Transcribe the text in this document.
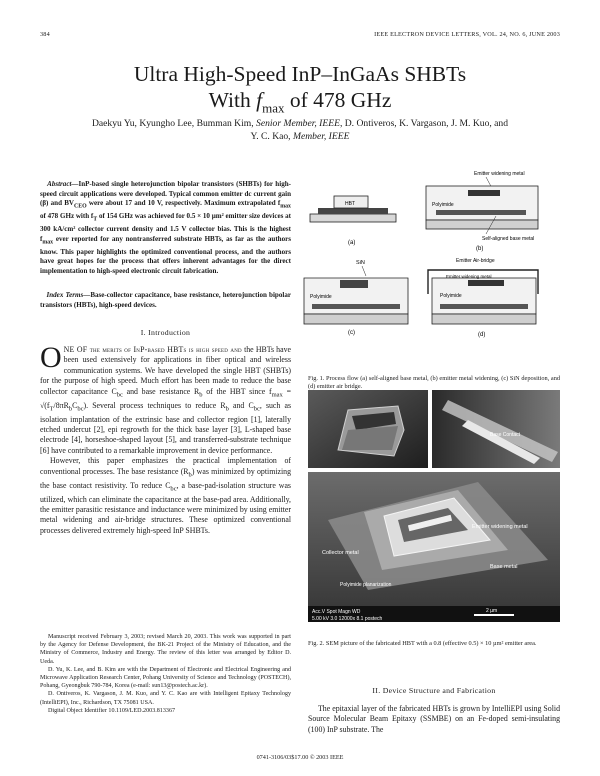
384	IEEE ELECTRON DEVICE LETTERS, VOL. 24, NO. 6, JUNE 2003
Ultra High-Speed InP–InGaAs SHBTs
With $f_{max}$ of 478 GHz
Daekyu Yu, Kyungho Lee, Bumman Kim, Senior Member, IEEE, D. Ontiveros, K. Vargason, J. M. Kuo, and
Y. C. Kao, Member, IEEE
Abstract—InP-based single heterojunction bipolar transistors (SHBTs) for high-speed circuit applications were developed. Typical common emitter dc current gain (β) and $BV_{CEO}$ were about 17 and 10 V, respectively. Maximum extrapolated $f_{max}$ of 478 GHz with $f_T$ of 154 GHz was achieved for 0.5 × 10 µm² emitter size devices at 300 kA/cm² collector current density and 1.5 V collector bias. This is the highest $f_{max}$ ever reported for any nontransferred substrate HBTs, as far as the authors know. This paper highlights the optimized conventional process, and the authors have great hopes for the process that offers inherent advantages for the direct implementation to high-speed electronic circuit fabrication.
Index Terms—Base-collector capacitance, base resistance, heterojunction bipolar transistors (HBTs), high-speed devices.
I. Introduction

ONE OF the merits of InP-based HBTs is high speed and the HBTs have been used extensively for applications in fiber optical and wireless communication systems. We have developed the single HBT (SHBTs) for the purpose of high speed. Much effort has been made to reduce the base collector capacitance $C_{bc}$ and base resistance $R_b$ of the HBT since $f_{max} = √(f_T/8\pi R_bC_{bc})$. Several process techniques to reduce $R_b$ and $C_{bc}$, such as isolation implantation of the extrinsic base and collector region [1], laterally etched undercut [2], epi regrowth for the thick base layer [3], L-shaped base electrode [4], horseshoe-shaped layout [5], and transferred-substrate technique [6] have contributed to a remarkable improvement in device performance.

However, this paper emphasizes the practical implementation of conventional processes. The base resistance $(R_b)$ was minimized by optimizing the base contact resistivity. To reduce $C_{bc}$, a base-pad-isolation structure was utilized, which can eliminate the capacitance at the base-pad area. Additionally, the emitter parasitic resistance and inductance were minimized by using emitter metal widening and air-bridge structures. These optimized conventional processes delivered extremely high-speed InP SHBTs.

Manuscript received February 3, 2003; revised March 20, 2003. This work was supported in part by the Agency for Defense Development, the BK-21 Project of the Ministry of Education, and the Ministry of Commerce, Industry and Energy. The review of this letter was arranged by Editor D. Ueda.

D. Yu, K. Lee, and B. Kim are with the Department of Electronic and Electrical Engineering and Microwave Application Research Center, Pohang University of Science and Technology (POSTECH), Pohang, Gyeongbuk 790-784, Korea (e-mail: sun13@postech.ac.kr).

D. Ontiveros, K. Vargason, J. M. Kuo, and Y. C. Kao are with Intelligent Epitaxy Technology (IntelliEPI), Inc., Richardson, TX 75081 USA.

Digital Object Identifier 10.1109/LED.2003.813367

HBT
(a)
Emitter widening metal
Polyimide
Self-aligned base metal
(b)
SiN
Polyimide
(c)
Emitter Air-bridge
Emitter widening metal
Polyimide
(d)
Fig. 1. Process flow (a) self-aligned base metal, (b) emitter metal widening, (c) SiN deposition, and (d) emitter air bridge.
Base Contact
Emitter widening metal
Collector metal
Base metal
Polyimide planarization
Acc.V Spot Magn WD
5.00 kV 3.0 12000x 8.1 postech
2 µm
Fig. 2. SEM picture of the fabricated HBT with a 0.8 (effective 0.5) × 10 µm² emitter area.
II. Device Structure and Fabrication

The epitaxial layer of the fabricated HBTs is grown by IntelliEPI using Solid Source Molecular Beam Epitaxy (SSMBE) on an Fe-doped semi-insulating (100) InP substrate. The

0741-3106/03$17.00 © 2003 IEEE
